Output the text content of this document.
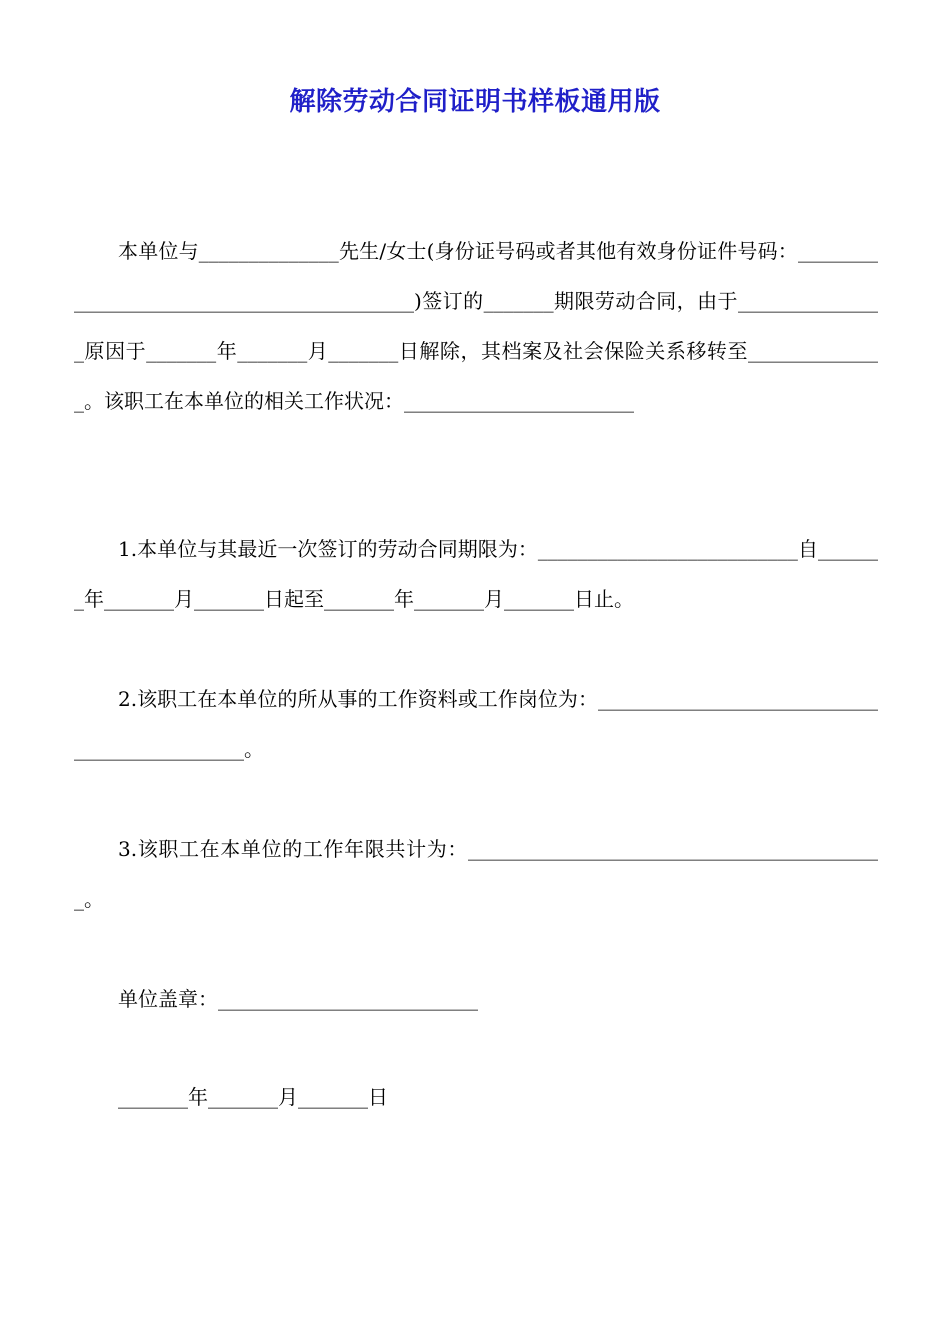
解除劳动合同证明书样板通用版

本单位与______________先生/女士(身份证号码或者其他有效身份证件号码：__________________________________________)签订的_______期限劳动合同，由于_______________原因于_______年_______月_______日解除，其档案及社会保险关系移转至______________。该职工在本单位的相关工作状况：_______________________

1.本单位与其最近一次签订的劳动合同期限为：__________________________自_______年_______月_______日起至_______年_______月_______日止。

2.该职工在本单位的所从事的工作资料或工作岗位为：_____________________________________________。

3.该职工在本单位的工作年限共计为：__________________________________________。

单位盖章：__________________________

_______年_______月_______日
